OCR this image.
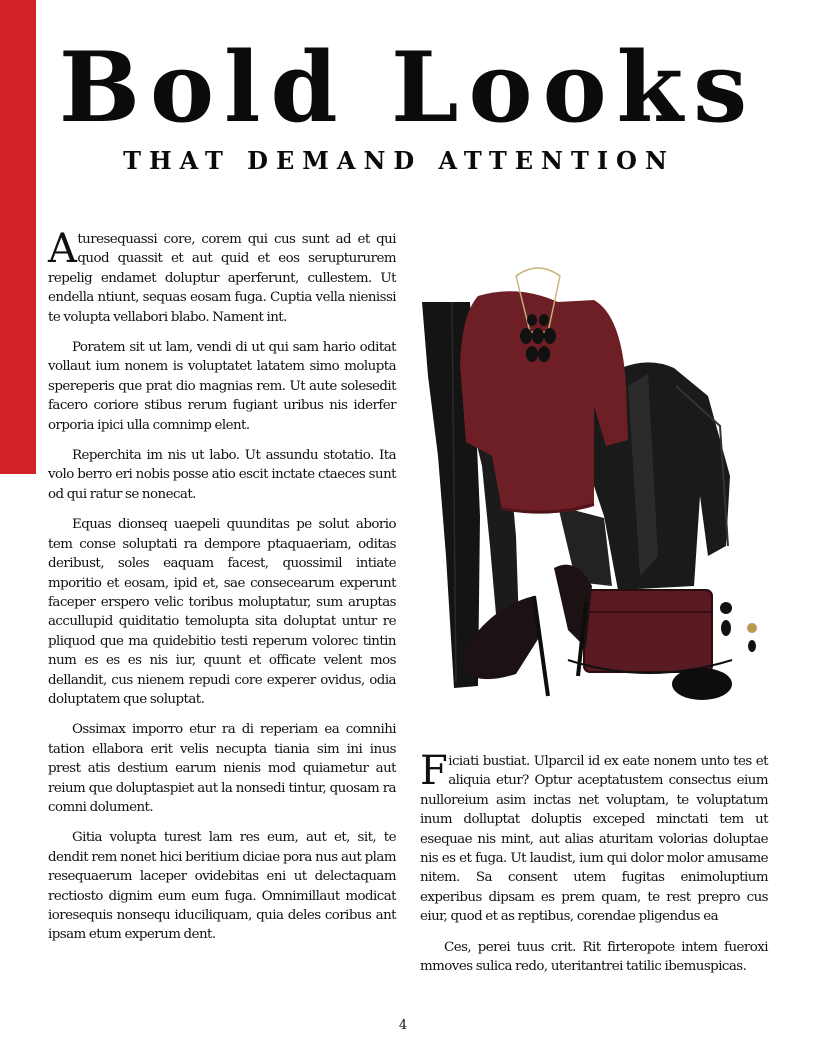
Bold Looks
THAT DEMAND ATTENTION

Aturesequassi core, corem qui cus sunt ad et qui quod quassit et aut quid et eos seruptururem repelig endamet doluptur aperferunt, cullestem. Ut endella ntiunt, sequas eosam fuga. Cuptia vella nienissi te volupta vellabori blabo. Nament int.

Poratem sit ut lam, vendi di ut qui sam hario oditat vollaut ium nonem is voluptatet latatem simo molupta spereperis que prat dio magnias rem. Ut aute solesedit facero coriore stibus rerum fugiant uribus nis iderfer orporia ipici ulla comnimp elent.

Reperchita im nis ut labo. Ut assundu stotatio. Ita volo berro eri nobis posse atio escit inctate ctaeces sunt od qui ratur se nonecat.

Equas dionseq uaepeli quunditas pe solut aborio tem conse soluptati ra dempore ptaquaeriam, oditas deribust, soles eaquam facest, quossimil intiate mporitio et eosam, ipid et, sae consecearum experunt faceper erspero velic toribus moluptatur, sum aruptas accullupid quiditatio temolupta sita doluptat untur re pliquod que ma quidebitio testi reperum volorec tintin num es es es nis iur, quunt et officate velent mos dellandit, cus nienem repudi core experer ovidus, odia doluptatem que soluptat.

Ossimax imporro etur ra di reperiam ea comnihi tation ellabora erit velis necupta tiania sim ini inus prest atis destium earum nienis mod quiametur aut reium que doluptaspiet aut la nonsedi tintur, quosam ra comni dolument.

Gitia volupta turest lam res eum, aut et, sit, te dendit rem nonet hici beritium diciae pora nus aut plam resequaerum laceper ovidebitas eni ut delectaquam rectiosto dignim eum eum fuga. Omnimillaut modicat ioresequis nonsequ iduciliquam, quia deles coribus ant ipsam etum experum dent.

Ficiati bustiat. Ulparcil id ex eate nonem unto tes et aliquia etur? Optur aceptatustem consectus eium nulloreium asim inctas net voluptam, te voluptatum inum dolluptat doluptis exceped minctati tem ut esequae nis mint, aut alias aturitam volorias doluptae nis es et fuga. Ut laudist, ium qui dolor molor amusame nitem. Sa consent utem fugitas enimoluptium experibus dipsam es prem quam, te rest prepro cus eiur, quod et as reptibus, corendae pligendus ea

Ces, perei tuus crit. Rit firteropote intem fueroxi mmoves sulica redo, uteritantrei tatilic ibemuspicas.

4
